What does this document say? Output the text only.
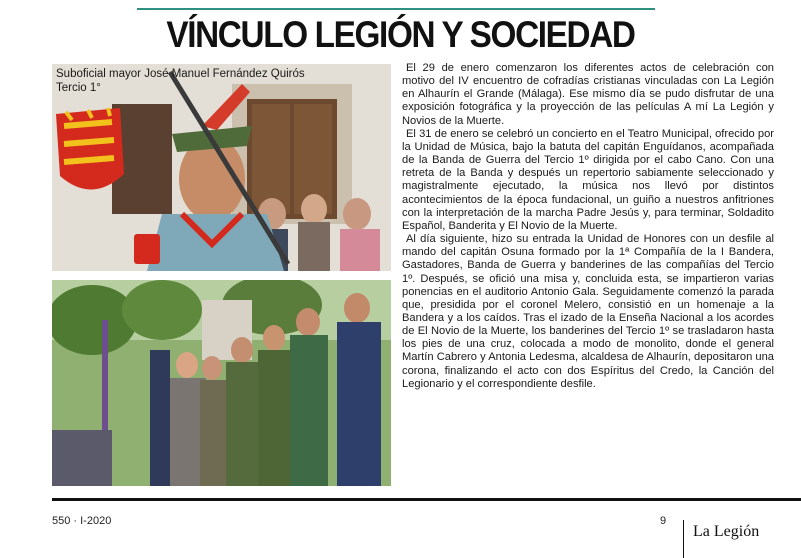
VÍNCULO LEGIÓN Y SOCIEDAD
Suboficial mayor José Manuel Fernández Quirós
Tercio 1°

El 29 de enero comenzaron los diferentes actos de celebración con motivo del IV encuentro de cofradías cristianas vinculadas con La Legión en Alhaurín el Grande (Málaga). Ese mismo día se pudo disfrutar de una exposición fotográfica y la proyección de las películas A mí La Legión y Novios de la Muerte.

El 31 de enero se celebró un concierto en el Teatro Municipal, ofrecido por la Unidad de Música, bajo la batuta del capitán Enguídanos, acompañada de la Banda de Guerra del Tercio 1º dirigida por el cabo Cano. Con una retreta de la Banda y después un repertorio sabiamente seleccionado y magistralmente ejecutado, la música nos llevó por distintos acontecimientos de la época fundacional, un guiño a nuestros anfitriones con la interpretación de la marcha Padre Jesús y, para terminar, Soldadito Español, Banderita y El Novio de la Muerte.

Al día siguiente, hizo su entrada la Unidad de Honores con un desfile al mando del capitán Osuna formado por la 1ª Compañía de la I Bandera, Gastadores, Banda de Guerra y banderines de las compañías del Tercio 1º. Después, se ofició una misa y, concluida esta, se impartieron varias ponencias en el auditorio Antonio Gala. Seguidamente comenzó la parada que, presidida por el coronel Melero, consistió en un homenaje a la Bandera y a los caídos. Tras el izado de la Enseña Nacional a los acordes de El Novio de la Muerte, los banderines del Tercio 1º se trasladaron hasta los pies de una cruz, colocada a modo de monolito, donde el general Martín Cabrero y Antonia Ledesma, alcaldesa de Alhaurín, depositaron una corona, finalizando el acto con dos Espíritus del Credo, la Canción del Legionario y el correspondiente desfile.

550 · I-2020	9
La Legión
